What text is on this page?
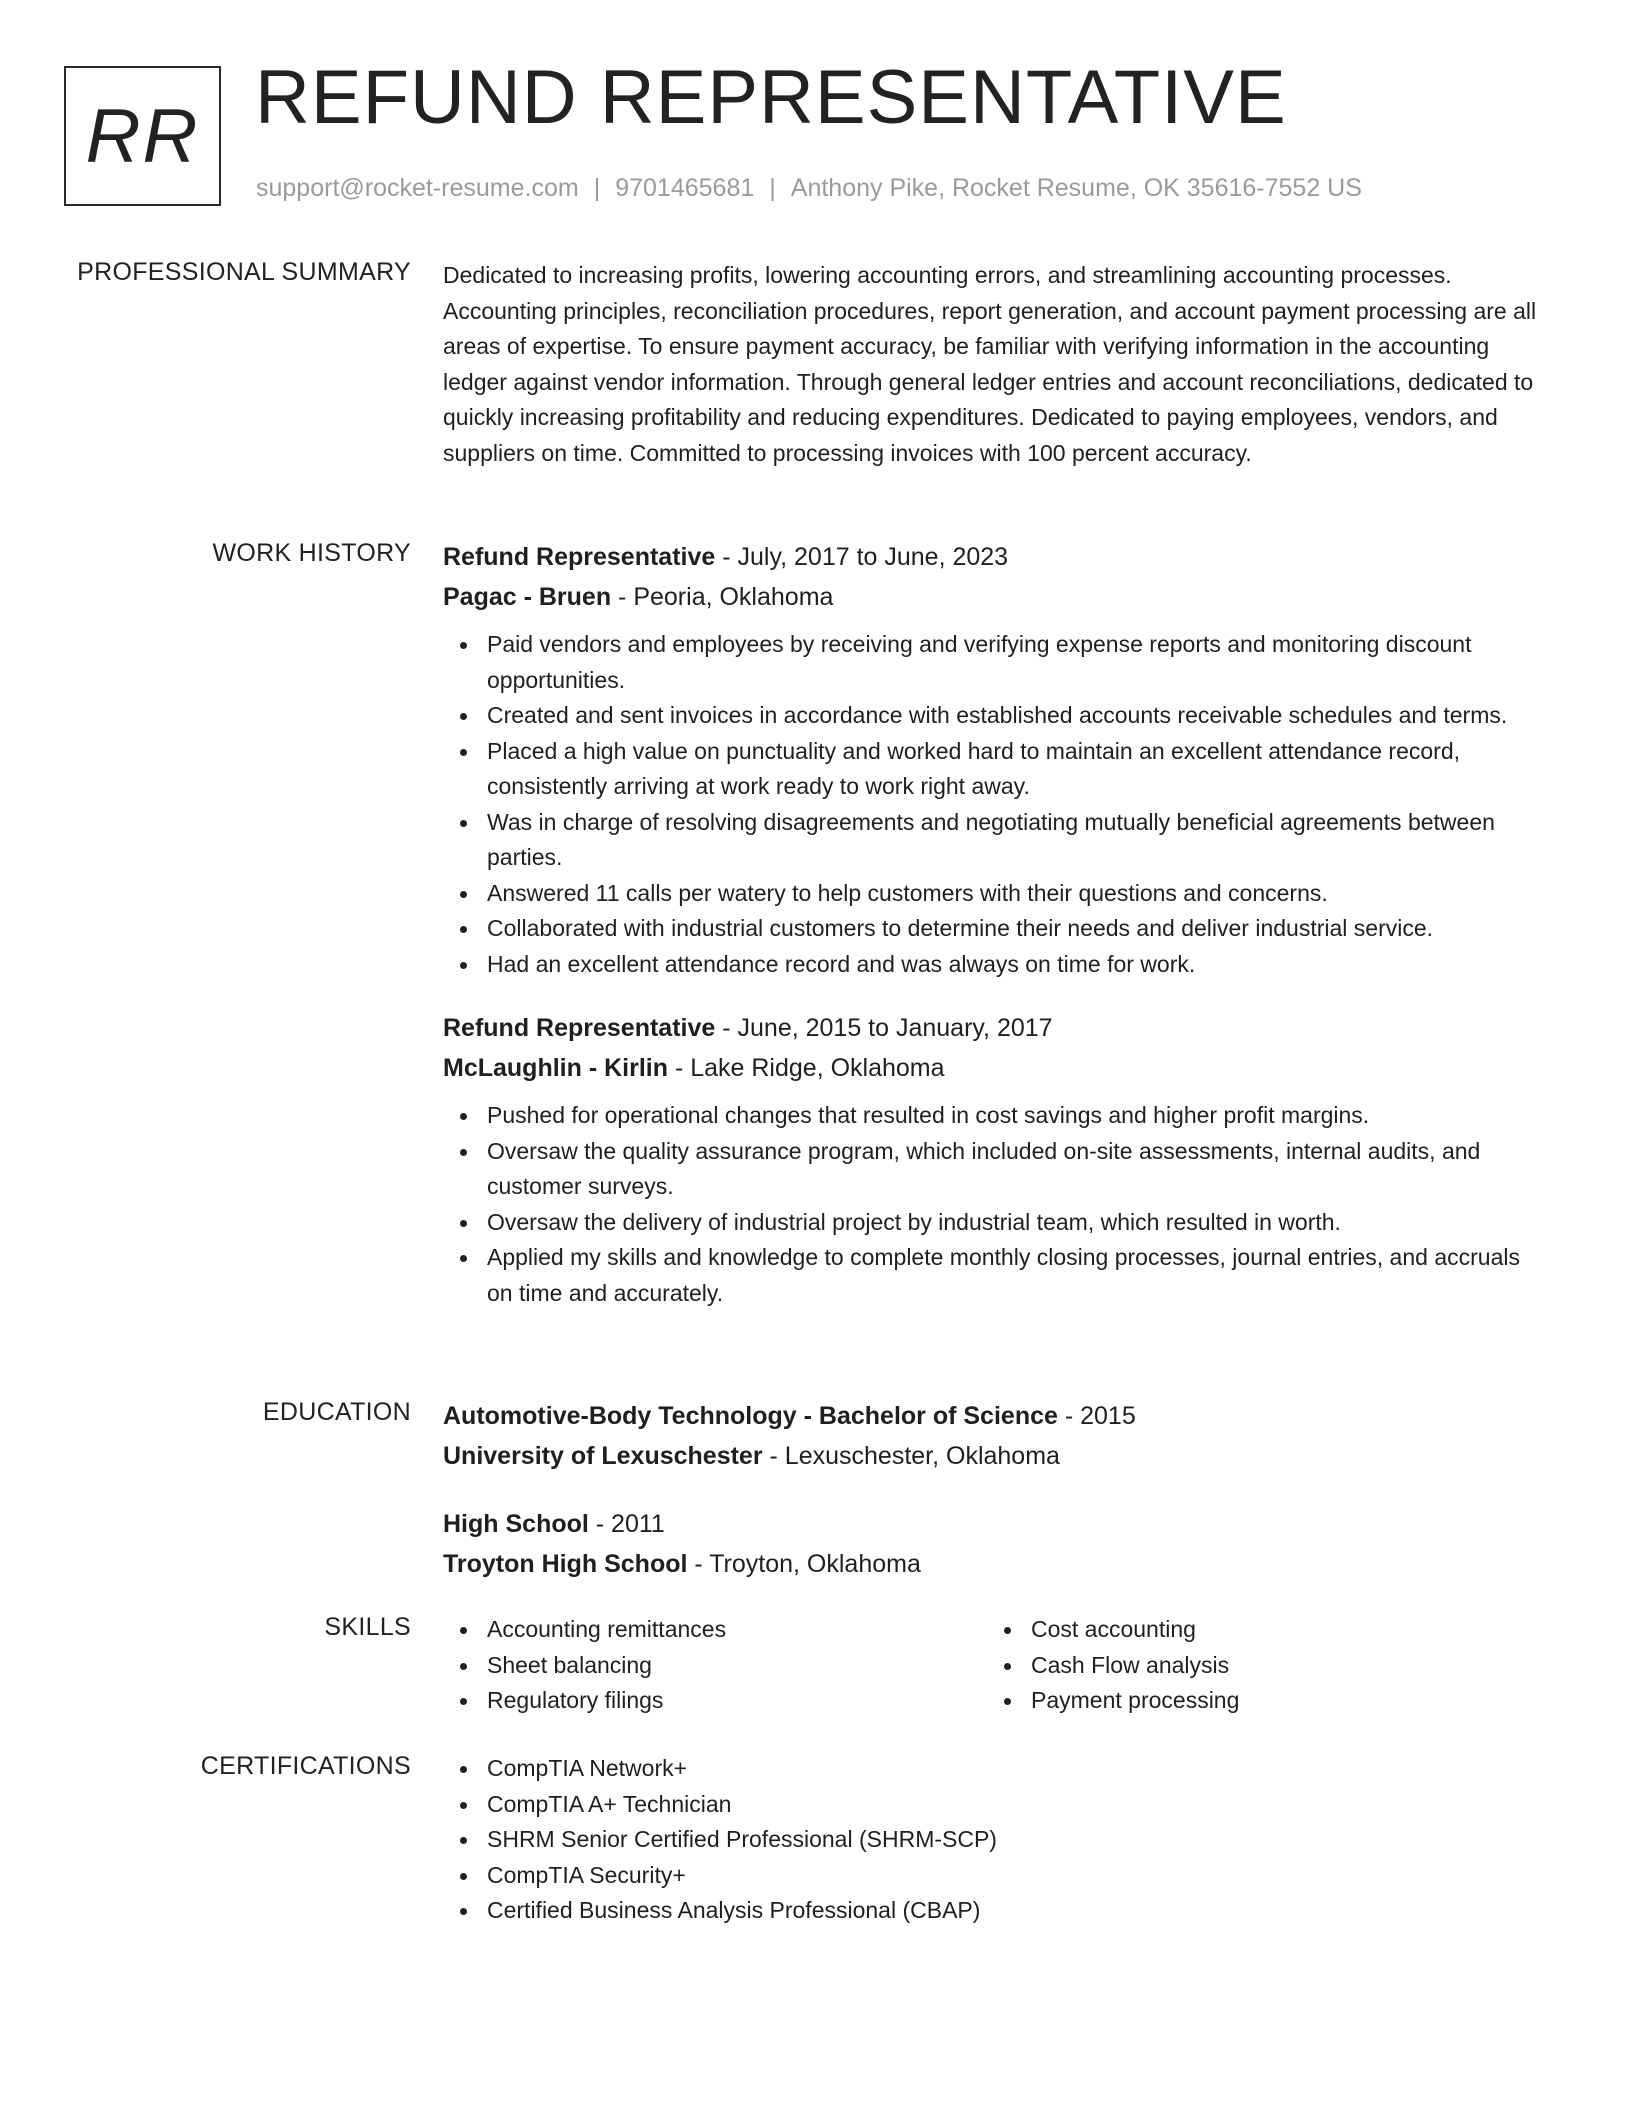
RR REFUND REPRESENTATIVE
support@rocket-resume.com | 9701465681 | Anthony Pike, Rocket Resume, OK 35616-7552 US
PROFESSIONAL SUMMARY Dedicated to increasing profits, lowering accounting errors, and streamlining accounting processes. Accounting principles, reconciliation procedures, report generation, and account payment processing are all areas of expertise. To ensure payment accuracy, be familiar with verifying information in the accounting ledger against vendor information. Through general ledger entries and account reconciliations, dedicated to quickly increasing profitability and reducing expenditures. Dedicated to paying employees, vendors, and suppliers on time. Committed to processing invoices with 100 percent accuracy.

WORK HISTORY Refund Representative - July, 2017 to June, 2023
Pagac - Bruen - Peoria, Oklahoma
Paid vendors and employees by receiving and verifying expense reports and monitoring discount opportunities.
Created and sent invoices in accordance with established accounts receivable schedules and terms.
Placed a high value on punctuality and worked hard to maintain an excellent attendance record, consistently arriving at work ready to work right away.
Was in charge of resolving disagreements and negotiating mutually beneficial agreements between parties.
Answered 11 calls per watery to help customers with their questions and concerns.
Collaborated with industrial customers to determine their needs and deliver industrial service.
Had an excellent attendance record and was always on time for work.
Refund Representative - June, 2015 to January, 2017
McLaughlin - Kirlin - Lake Ridge, Oklahoma
Pushed for operational changes that resulted in cost savings and higher profit margins.
Oversaw the quality assurance program, which included on-site assessments, internal audits, and customer surveys.
Oversaw the delivery of industrial project by industrial team, which resulted in worth.
Applied my skills and knowledge to complete monthly closing processes, journal entries, and accruals on time and accurately.
EDUCATION Automotive-Body Technology - Bachelor of Science - 2015
University of Lexuschester - Lexuschester, Oklahoma
High School - 2011
Troyton High School - Troyton, Oklahoma
SKILLS	Accounting remittances
Sheet balancing
Regulatory filings
Cost accounting
Cash Flow analysis
Payment processing
CERTIFICATIONS	CompTIA Network+
CompTIA A+ Technician
SHRM Senior Certified Professional (SHRM-SCP)
CompTIA Security+
Certified Business Analysis Professional (CBAP)
